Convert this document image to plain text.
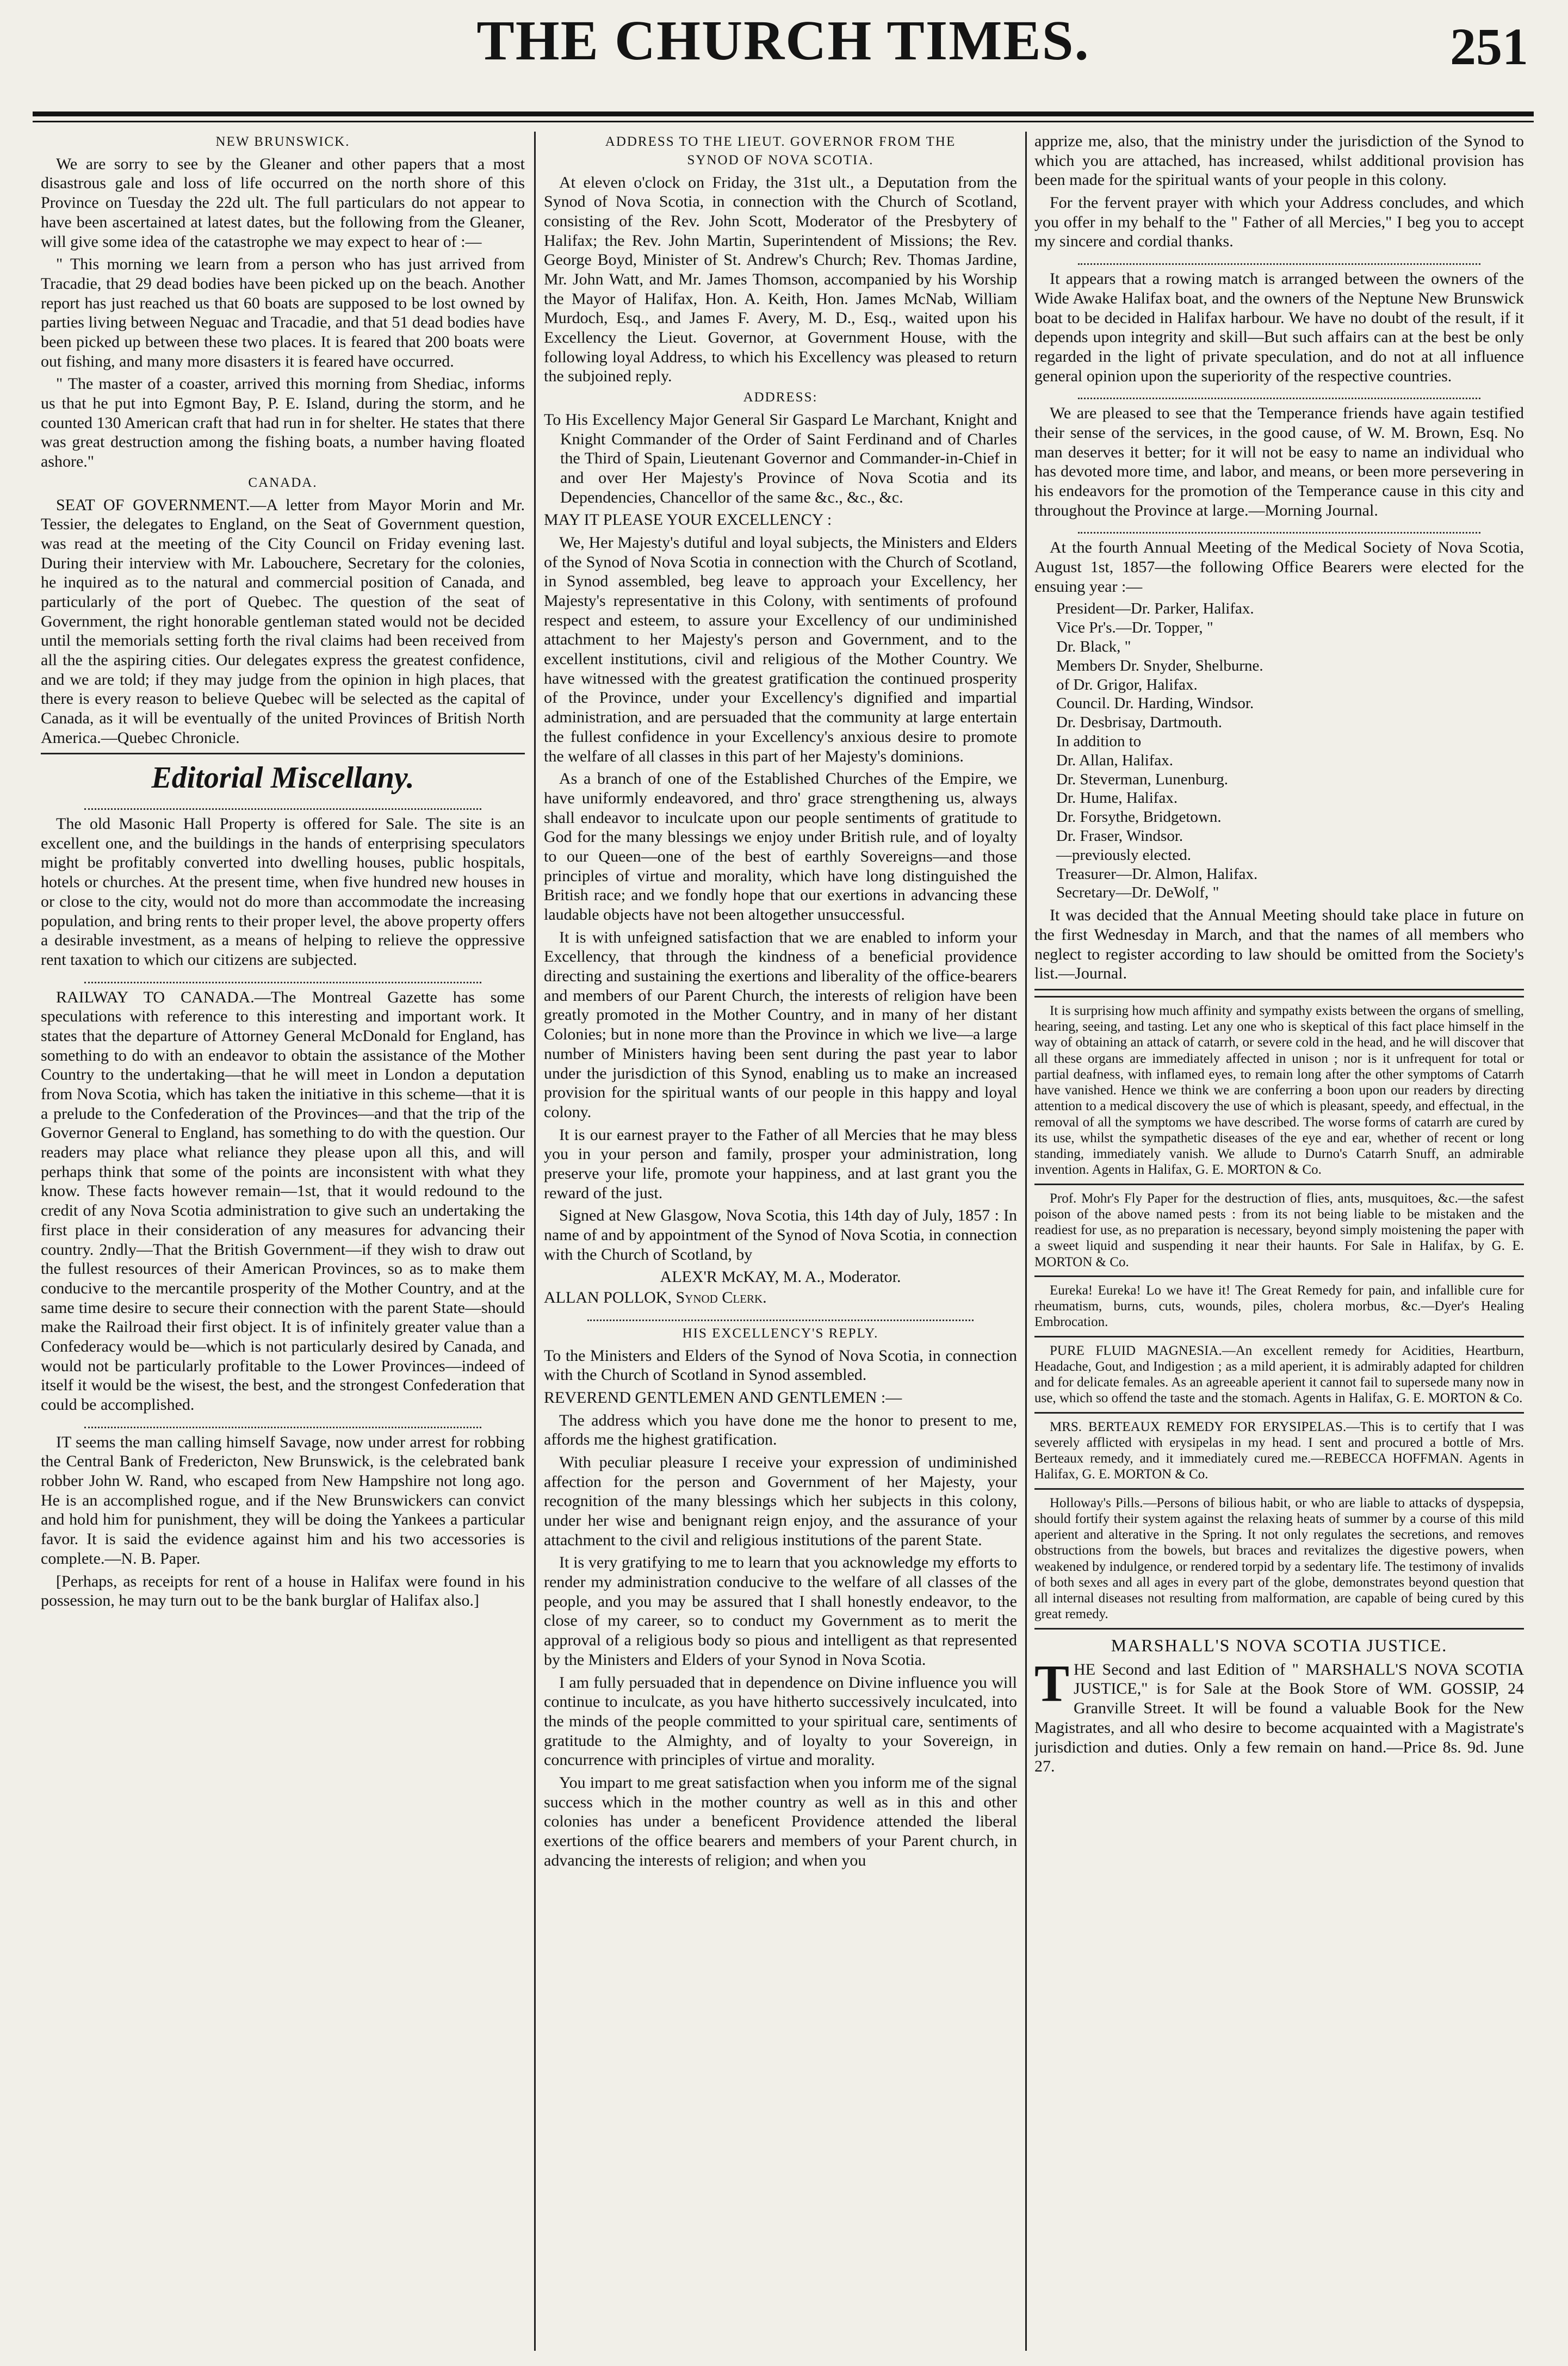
THE CHURCH TIMES.	251
NEW BRUNSWICK.

We are sorry to see by the Gleaner and other papers that a most disastrous gale and loss of life occurred on the north shore of this Province on Tuesday the 22d ult. The full particulars do not appear to have been ascertained at latest dates, but the following from the Gleaner, will give some idea of the catastrophe we may expect to hear of :—

" This morning we learn from a person who has just arrived from Tracadie, that 29 dead bodies have been picked up on the beach. Another report has just reached us that 60 boats are supposed to be lost owned by parties living between Neguac and Tracadie, and that 51 dead bodies have been picked up between these two places. It is feared that 200 boats were out fishing, and many more disasters it is feared have occurred.

" The master of a coaster, arrived this morning from Shediac, informs us that he put into Egmont Bay, P. E. Island, during the storm, and he counted 130 American craft that had run in for shelter. He states that there was great destruction among the fishing boats, a number having floated ashore."

CANADA.

SEAT OF GOVERNMENT.—A letter from Mayor Morin and Mr. Tessier, the delegates to England, on the Seat of Government question, was read at the meeting of the City Council on Friday evening last. During their interview with Mr. Labouchere, Secretary for the colonies, he inquired as to the natural and commercial position of Canada, and particularly of the port of Quebec. The question of the seat of Government, the right honorable gentleman stated would not be decided until the memorials setting forth the rival claims had been received from all the the aspiring cities. Our delegates express the greatest confidence, and we are told; if they may judge from the opinion in high places, that there is every reason to believe Quebec will be selected as the capital of Canada, as it will be eventually of the united Provinces of British North America.—Quebec Chronicle.

Editorial Miscellany.

The old Masonic Hall Property is offered for Sale. The site is an excellent one, and the buildings in the hands of enterprising speculators might be profitably converted into dwelling houses, public hospitals, hotels or churches. At the present time, when five hundred new houses in or close to the city, would not do more than accommodate the increasing population, and bring rents to their proper level, the above property offers a desirable investment, as a means of helping to relieve the oppressive rent taxation to which our citizens are subjected.

RAILWAY TO CANADA.—The Montreal Gazette has some speculations with reference to this interesting and important work. It states that the departure of Attorney General McDonald for England, has something to do with an endeavor to obtain the assistance of the Mother Country to the undertaking—that he will meet in London a deputation from Nova Scotia, which has taken the initiative in this scheme—that it is a prelude to the Confederation of the Provinces—and that the trip of the Governor General to England, has something to do with the question. Our readers may place what reliance they please upon all this, and will perhaps think that some of the points are inconsistent with what they know. These facts however remain—1st, that it would redound to the credit of any Nova Scotia administration to give such an undertaking the first place in their consideration of any measures for advancing their country. 2ndly—That the British Government—if they wish to draw out the fullest resources of their American Provinces, so as to make them conducive to the mercantile prosperity of the Mother Country, and at the same time desire to secure their connection with the parent State—should make the Railroad their first object. It is of infinitely greater value than a Confederacy would be—which is not particularly desired by Canada, and would not be particularly profitable to the Lower Provinces—indeed of itself it would be the wisest, the best, and the strongest Confederation that could be accomplished.

IT seems the man calling himself Savage, now under arrest for robbing the Central Bank of Fredericton, New Brunswick, is the celebrated bank robber John W. Rand, who escaped from New Hampshire not long ago. He is an accomplished rogue, and if the New Brunswickers can convict and hold him for punishment, they will be doing the Yankees a particular favor. It is said the evidence against him and his two accessories is complete.—N. B. Paper.

[Perhaps, as receipts for rent of a house in Halifax were found in his possession, he may turn out to be the bank burglar of Halifax also.]

ADDRESS TO THE LIEUT. GOVERNOR FROM THE
SYNOD OF NOVA SCOTIA.

At eleven o'clock on Friday, the 31st ult., a Deputation from the Synod of Nova Scotia, in connection with the Church of Scotland, consisting of the Rev. John Scott, Moderator of the Presbytery of Halifax; the Rev. John Martin, Superintendent of Missions; the Rev. George Boyd, Minister of St. Andrew's Church; Rev. Thomas Jardine, Mr. John Watt, and Mr. James Thomson, accompanied by his Worship the Mayor of Halifax, Hon. A. Keith, Hon. James McNab, William Murdoch, Esq., and James F. Avery, M. D., Esq., waited upon his Excellency the Lieut. Governor, at Government House, with the following loyal Address, to which his Excellency was pleased to return the subjoined reply.

ADDRESS:

To His Excellency Major General Sir Gaspard Le Marchant, Knight and Knight Commander of the Order of Saint Ferdinand and of Charles the Third of Spain, Lieutenant Governor and Commander-in-Chief in and over Her Majesty's Province of Nova Scotia and its Dependencies, Chancellor of the same &c., &c., &c.

MAY IT PLEASE YOUR EXCELLENCY :

We, Her Majesty's dutiful and loyal subjects, the Ministers and Elders of the Synod of Nova Scotia in connection with the Church of Scotland, in Synod assembled, beg leave to approach your Excellency, her Majesty's representative in this Colony, with sentiments of profound respect and esteem, to assure your Excellency of our undiminished attachment to her Majesty's person and Government, and to the excellent institutions, civil and religious of the Mother Country. We have witnessed with the greatest gratification the continued prosperity of the Province, under your Excellency's dignified and impartial administration, and are persuaded that the community at large entertain the fullest confidence in your Excellency's anxious desire to promote the welfare of all classes in this part of her Majesty's dominions.

As a branch of one of the Established Churches of the Empire, we have uniformly endeavored, and thro' grace strengthening us, always shall endeavor to inculcate upon our people sentiments of gratitude to God for the many blessings we enjoy under British rule, and of loyalty to our Queen—one of the best of earthly Sovereigns—and those principles of virtue and morality, which have long distinguished the British race; and we fondly hope that our exertions in advancing these laudable objects have not been altogether unsuccessful.

It is with unfeigned satisfaction that we are enabled to inform your Excellency, that through the kindness of a beneficial providence directing and sustaining the exertions and liberality of the office-bearers and members of our Parent Church, the interests of religion have been greatly promoted in the Mother Country, and in many of her distant Colonies; but in none more than the Province in which we live—a large number of Ministers having been sent during the past year to labor under the jurisdiction of this Synod, enabling us to make an increased provision for the spiritual wants of our people in this happy and loyal colony.

It is our earnest prayer to the Father of all Mercies that he may bless you in your person and family, prosper your administration, long preserve your life, promote your happiness, and at last grant you the reward of the just.

Signed at New Glasgow, Nova Scotia, this 14th day of July, 1857 : In name of and by appointment of the Synod of Nova Scotia, in connection with the Church of Scotland, by

ALEX'R McKAY, M. A., Moderator.

ALLAN POLLOK, Synod Clerk.

HIS EXCELLENCY'S REPLY.

To the Ministers and Elders of the Synod of Nova Scotia, in connection with the Church of Scotland in Synod assembled.

REVEREND GENTLEMEN AND GENTLEMEN :—

The address which you have done me the honor to present to me, affords me the highest gratification.

With peculiar pleasure I receive your expression of undiminished affection for the person and Government of her Majesty, your recognition of the many blessings which her subjects in this colony, under her wise and benignant reign enjoy, and the assurance of your attachment to the civil and religious institutions of the parent State.

It is very gratifying to me to learn that you acknowledge my efforts to render my administration conducive to the welfare of all classes of the people, and you may be assured that I shall honestly endeavor, to the close of my career, so to conduct my Government as to merit the approval of a religious body so pious and intelligent as that represented by the Ministers and Elders of your Synod in Nova Scotia.

I am fully persuaded that in dependence on Divine influence you will continue to inculcate, as you have hitherto successively inculcated, into the minds of the people committed to your spiritual care, sentiments of gratitude to the Almighty, and of loyalty to your Sovereign, in concurrence with principles of virtue and morality.

You impart to me great satisfaction when you inform me of the signal success which in the mother country as well as in this and other colonies has under a beneficent Providence attended the liberal exertions of the office bearers and members of your Parent church, in advancing the interests of religion; and when you

apprize me, also, that the ministry under the jurisdiction of the Synod to which you are attached, has increased, whilst additional provision has been made for the spiritual wants of your people in this colony.

For the fervent prayer with which your Address concludes, and which you offer in my behalf to the " Father of all Mercies," I beg you to accept my sincere and cordial thanks.

It appears that a rowing match is arranged between the owners of the Wide Awake Halifax boat, and the owners of the Neptune New Brunswick boat to be decided in Halifax harbour. We have no doubt of the result, if it depends upon integrity and skill—But such affairs can at the best be only regarded in the light of private speculation, and do not at all influence general opinion upon the superiority of the respective countries.

We are pleased to see that the Temperance friends have again testified their sense of the services, in the good cause, of W. M. Brown, Esq. No man deserves it better; for it will not be easy to name an individual who has devoted more time, and labor, and means, or been more persevering in his endeavors for the promotion of the Temperance cause in this city and throughout the Province at large.—Morning Journal.

At the fourth Annual Meeting of the Medical Society of Nova Scotia, August 1st, 1857—the following Office Bearers were elected for the ensuing year :—

President—Dr. Parker, Halifax.
Vice Pr's.—Dr. Topper, "
Dr. Black, "
Members Dr. Snyder, Shelburne.
of Dr. Grigor, Halifax.
Council. Dr. Harding, Windsor.
Dr. Desbrisay, Dartmouth.
In addition to
Dr. Allan, Halifax.
Dr. Steverman, Lunenburg.
Dr. Hume, Halifax.
Dr. Forsythe, Bridgetown.
Dr. Fraser, Windsor.
—previously elected.
Treasurer—Dr. Almon, Halifax.
Secretary—Dr. DeWolf, "

It was decided that the Annual Meeting should take place in future on the first Wednesday in March, and that the names of all members who neglect to register according to law should be omitted from the Society's list.—Journal.

It is surprising how much affinity and sympathy exists between the organs of smelling, hearing, seeing, and tasting. Let any one who is skeptical of this fact place himself in the way of obtaining an attack of catarrh, or severe cold in the head, and he will discover that all these organs are immediately affected in unison ; nor is it unfrequent for total or partial deafness, with inflamed eyes, to remain long after the other symptoms of Catarrh have vanished. Hence we think we are conferring a boon upon our readers by directing attention to a medical discovery the use of which is pleasant, speedy, and effectual, in the removal of all the symptoms we have described. The worse forms of catarrh are cured by its use, whilst the sympathetic diseases of the eye and ear, whether of recent or long standing, immediately vanish. We allude to Durno's Catarrh Snuff, an admirable invention. Agents in Halifax, G. E. MORTON & Co.

Prof. Mohr's Fly Paper for the destruction of flies, ants, musquitoes, &c.—the safest poison of the above named pests : from its not being liable to be mistaken and the readiest for use, as no preparation is necessary, beyond simply moistening the paper with a sweet liquid and suspending it near their haunts. For Sale in Halifax, by G. E. MORTON & Co.

Eureka! Eureka! Lo we have it! The Great Remedy for pain, and infallible cure for rheumatism, burns, cuts, wounds, piles, cholera morbus, &c.—Dyer's Healing Embrocation.

PURE FLUID MAGNESIA.—An excellent remedy for Acidities, Heartburn, Headache, Gout, and Indigestion ; as a mild aperient, it is admirably adapted for children and for delicate females. As an agreeable aperient it cannot fail to supersede many now in use, which so offend the taste and the stomach. Agents in Halifax, G. E. MORTON & Co.

MRS. BERTEAUX REMEDY FOR ERYSIPELAS.—This is to certify that I was severely afflicted with erysipelas in my head. I sent and procured a bottle of Mrs. Berteaux remedy, and it immediately cured me.—REBECCA HOFFMAN. Agents in Halifax, G. E. MORTON & Co.

Holloway's Pills.—Persons of bilious habit, or who are liable to attacks of dyspepsia, should fortify their system against the relaxing heats of summer by a course of this mild aperient and alterative in the Spring. It not only regulates the secretions, and removes obstructions from the bowels, but braces and revitalizes the digestive powers, when weakened by indulgence, or rendered torpid by a sedentary life. The testimony of invalids of both sexes and all ages in every part of the globe, demonstrates beyond question that all internal diseases not resulting from malformation, are capable of being cured by this great remedy.

MARSHALL'S NOVA SCOTIA JUSTICE.

T HE Second and last Edition of " MARSHALL'S NOVA SCOTIA JUSTICE," is for Sale at the Book Store of WM. GOSSIP, 24 Granville Street. It will be found a valuable Book for the New Magistrates, and all who desire to become acquainted with a Magistrate's jurisdiction and duties. Only a few remain on hand.—Price 8s. 9d. June 27.
